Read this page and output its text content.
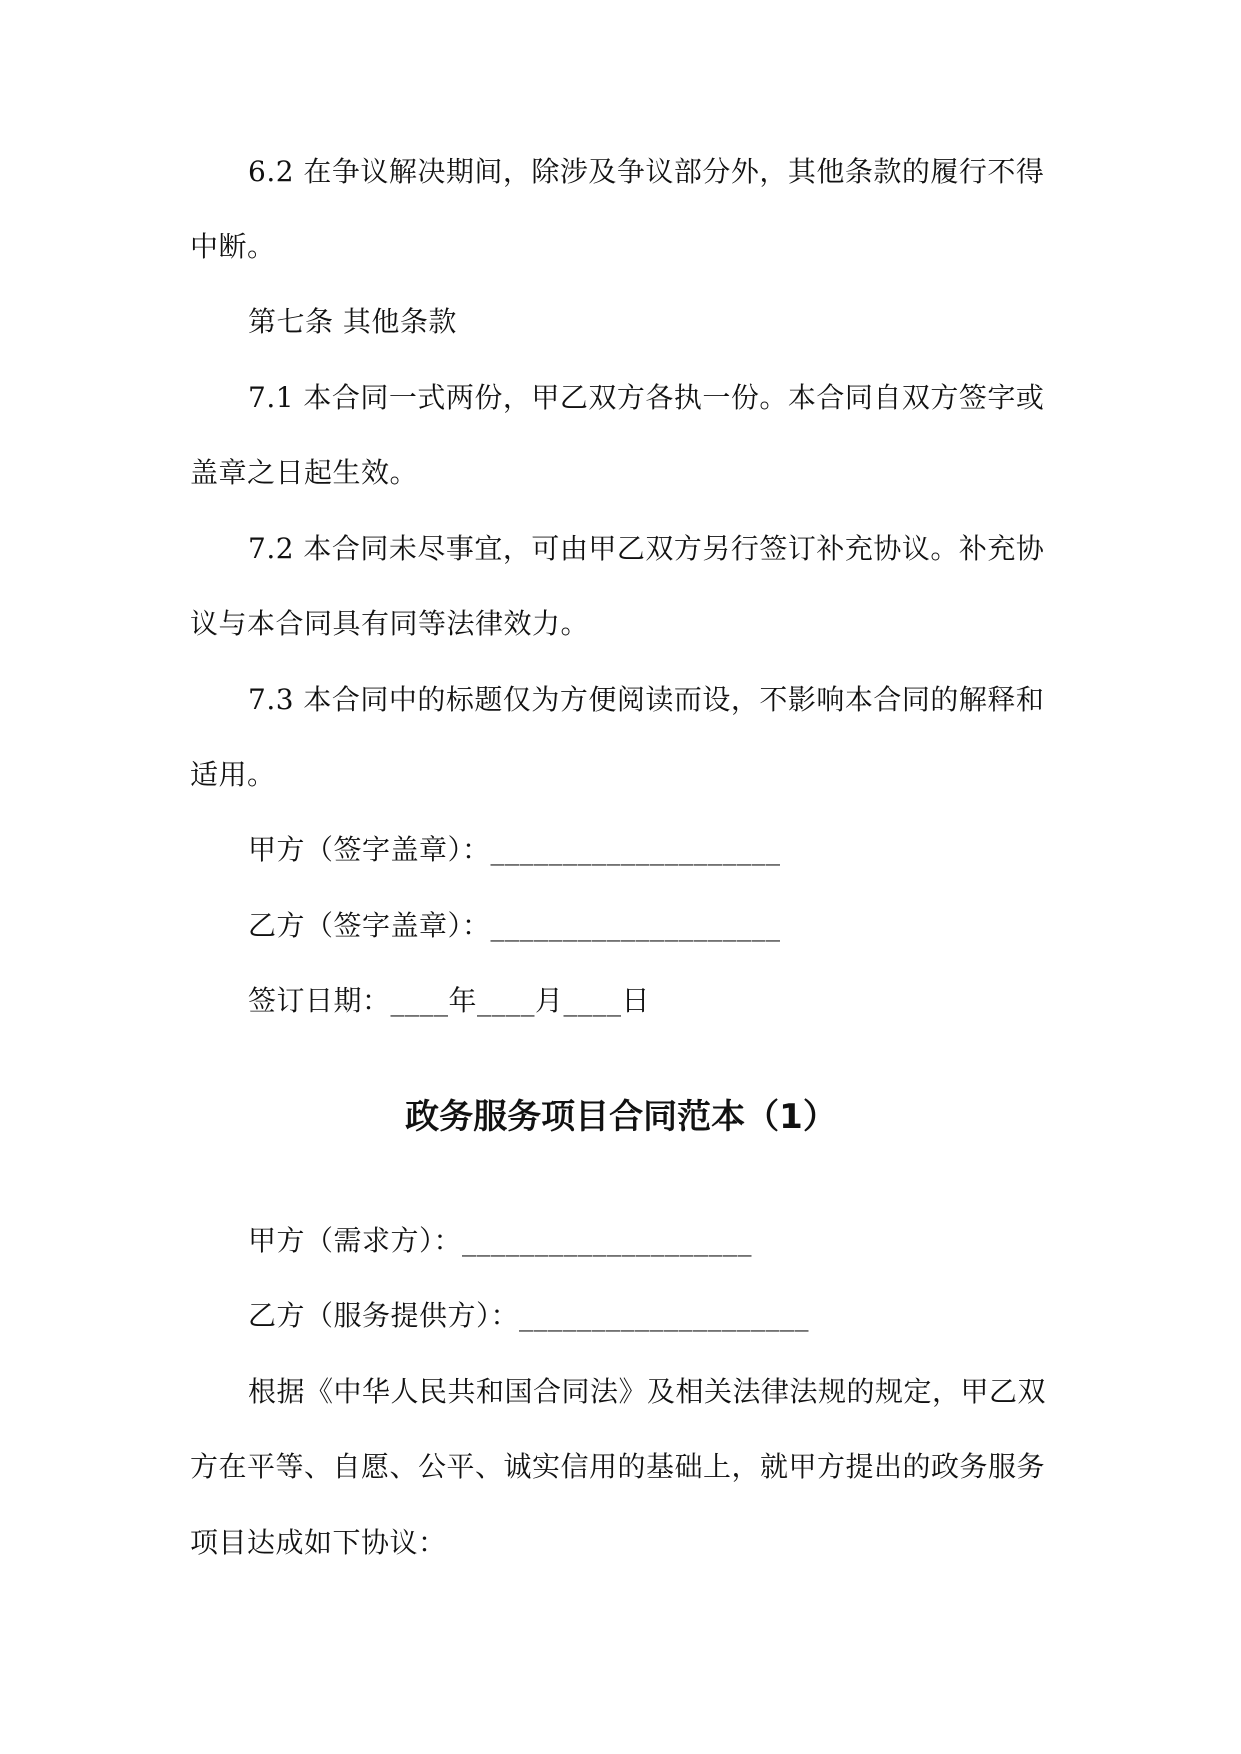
6.2 在争议解决期间，除涉及争议部分外，其他条款的履行不得
中断。
第七条 其他条款
7.1 本合同一式两份，甲乙双方各执一份。本合同自双方签字或
盖章之日起生效。
7.2 本合同未尽事宜，可由甲乙双方另行签订补充协议。补充协
议与本合同具有同等法律效力。
7.3 本合同中的标题仅为方便阅读而设，不影响本合同的解释和
适用。
甲方（签字盖章）：____________________
乙方（签字盖章）：____________________
签订日期：____年____月____日
政务服务项目合同范本（1）
甲方（需求方）：____________________
乙方（服务提供方）：____________________
根据《中华人民共和国合同法》及相关法律法规的规定，甲乙双
方在平等、自愿、公平、诚实信用的基础上，就甲方提出的政务服务
项目达成如下协议：
